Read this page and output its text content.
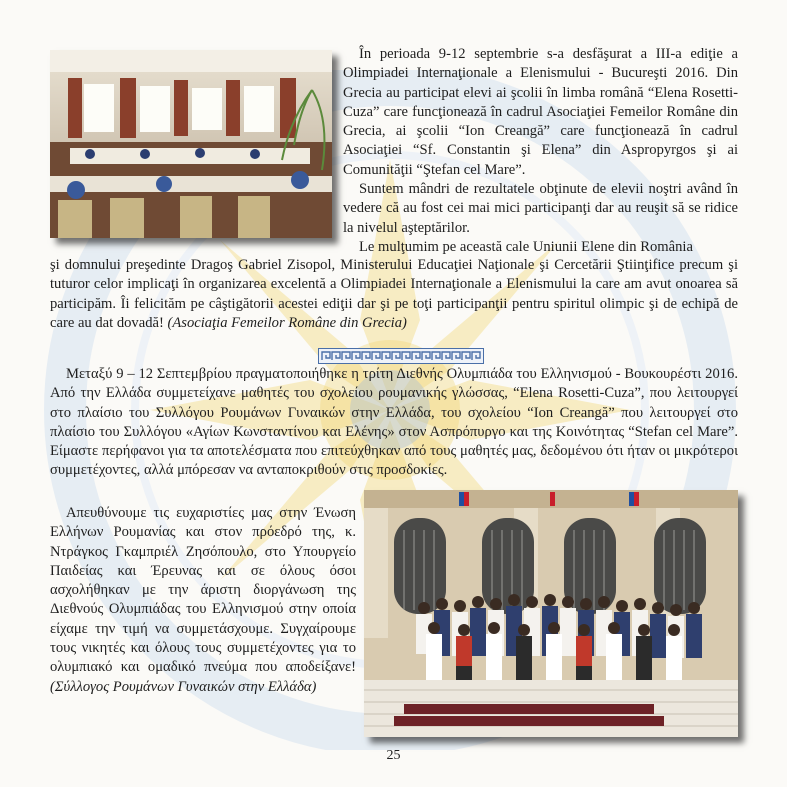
În perioada 9-12 septembrie s-a desfăşurat a III-a ediţie a Olimpiadei Internaţionale a Elenismului - Bucureşti 2016. Din Grecia au participat elevi ai şcolii în limba română “Elena Rosetti-Cuza” care funcţionează în cadrul Asociaţiei Femeilor Române din Grecia, ai şcolii “Ion Creangă” care funcţionează în cadrul Asociaţiei “Sf. Constantin şi Elena” din Aspropyrgos şi ai Comunităţii “Ştefan cel Mare”.

Suntem mândri de rezultatele obţinute de elevii noştri având în vedere că au fost cei mai mici participanţi dar au reuşit să se ridice la nivelul aşteptărilor.

Le mulţumim pe această cale Uniunii Elene din România

şi domnului preşedinte Dragoş Gabriel Zisopol, Ministerului Educaţiei Naţionale şi Cercetării Ştiinţifice precum şi tuturor celor implicaţi în organizarea excelentă a Olimpiadei Internaţionale a Elenismului la care am avut onoarea să participăm. Îi felicităm pe câştigătorii acestei ediţii dar şi pe toţi participanţii pentru spiritul olimpic şi de echipă de care au dat dovadă! (Asociaţia Femeilor Române din Grecia)

Μεταξύ 9 – 12 Σεπτεμβρίου πραγματοποιήθηκε η τρίτη Διεθνής Ολυμπιάδα του Ελληνισμού - Βουκουρέστι 2016. Από την Ελλάδα συμμετείχανε μαθητές του σχολείου ρουμανικής γλώσσας, “Elena Rosetti-Cuza”, που λειτουργεί στο πλαίσιο του Συλλόγου Ρουμάνων Γυναικών στην Ελλάδα, του σχολείου “Ion Creangă” που λειτουργεί στο πλαίσιο του Συλλόγου «Αγίων Κωνσταντίνου και Ελένης» στον Ασπρόπυργο και της Κοινότητας “Stefan cel Mare”. Είμαστε περήφανοι για τα αποτελέσματα που επιτεύχθηκαν από τους μαθητές μας, δεδομένου ότι ήταν οι μικρότεροι συμμετέχοντες, αλλά μπόρεσαν να ανταποκριθούν στις προσδοκίες.

Απευθύνουμε τις ευχαριστίες μας στην Ένωση Ελλήνων Ρουμανίας και στον πρόεδρό της, κ. Ντράγκος Γκαμπριέλ Ζησόπουλο, στο Υπουργείο Παιδείας και Έρευνας και σε όλους όσοι ασχολήθηκαν με την άριστη διοργάνωση της Διεθνούς Ολυμπιάδας του Ελληνισμού στην οποία είχαμε την τιμή να συμμετάσχουμε. Συγχαίρουμε τους νικητές και όλους τους συμμετέχοντες για το ολυμπιακό και ομαδικό πνεύμα που αποδείξανε! (Σύλλογος Ρουμάνων Γυναικών στην Ελλάδα)

25
